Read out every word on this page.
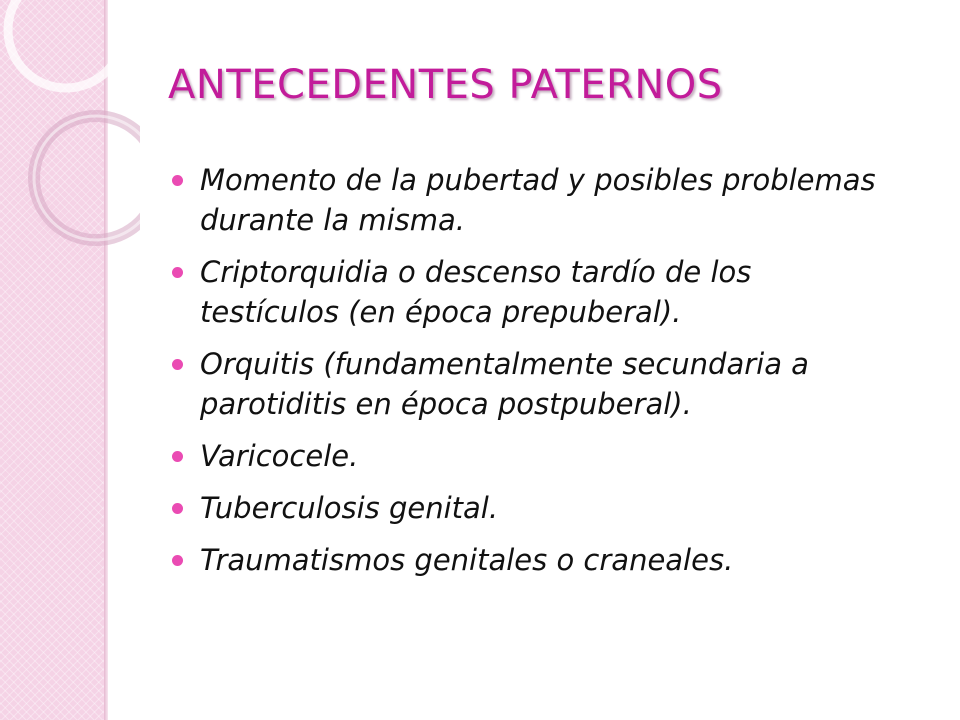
ANTECEDENTES PATERNOS
Momento de la pubertad y posibles problemas durante la misma.
Criptorquidia o descenso tardío de los testículos (en época prepuberal).
Orquitis (fundamentalmente secundaria a parotiditis en época postpuberal).
Varicocele.
Tuberculosis genital.
Traumatismos genitales o craneales.
